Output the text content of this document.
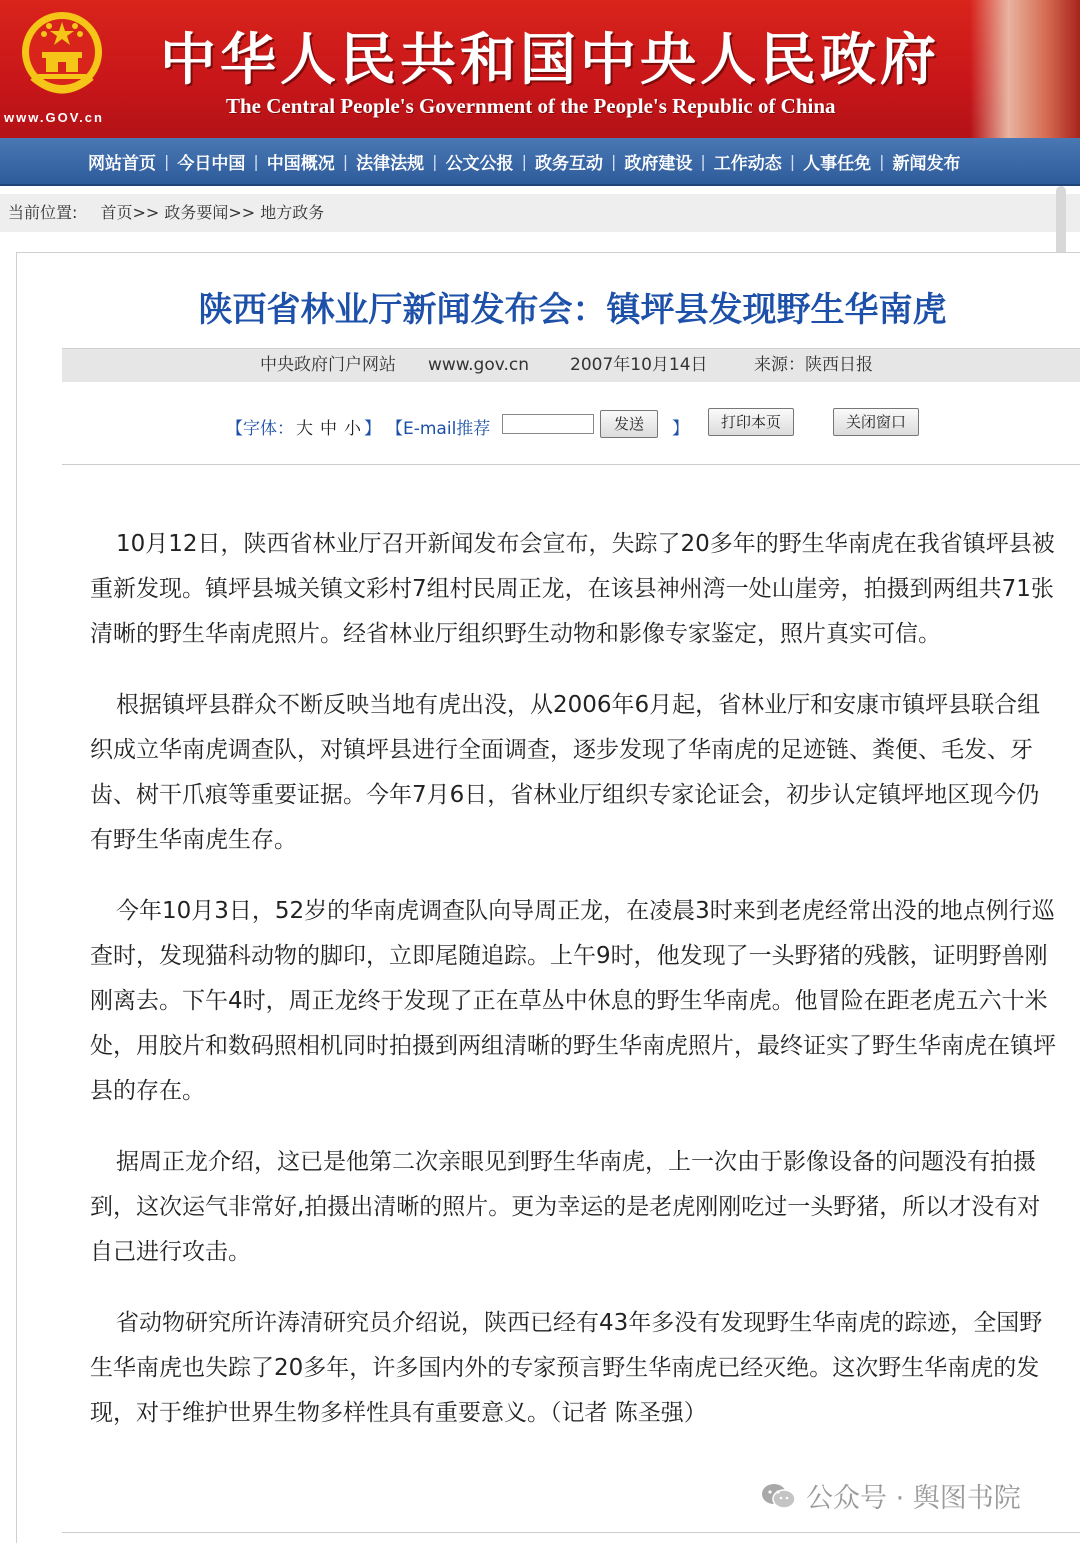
www.GOV.cn
中华人民共和国中央人民政府
The Central People's Government of the People's Republic of China
网站首页 | 今日中国 | 中国概况 | 法律法规 | 公文公报 | 政务互动 | 政府建设 | 工作动态 | 人事任免 | 新闻发布
当前位置: 首页>> 政务要闻>> 地方政务
陕西省林业厅新闻发布会：镇坪县发现野生华南虎
中央政府门户网站 www.gov.cn 2007年10月14日	来源：陕西日报
【字体： 大 中 小 】 【E-mail推荐	发送	】	打印本页	关闭窗口

10月12日，陕西省林业厅召开新闻发布会宣布，失踪了20多年的野生华南虎在我省镇坪县被重新发现。镇坪县城关镇文彩村7组村民周正龙，在该县神州湾一处山崖旁，拍摄到两组共71张清晰的野生华南虎照片。经省林业厅组织野生动物和影像专家鉴定，照片真实可信。

根据镇坪县群众不断反映当地有虎出没，从2006年6月起，省林业厅和安康市镇坪县联合组织成立华南虎调查队，对镇坪县进行全面调查，逐步发现了华南虎的足迹链、粪便、毛发、牙齿、树干爪痕等重要证据。今年7月6日，省林业厅组织专家论证会，初步认定镇坪地区现今仍有野生华南虎生存。

今年10月3日，52岁的华南虎调查队向导周正龙，在凌晨3时来到老虎经常出没的地点例行巡查时，发现猫科动物的脚印，立即尾随追踪。上午9时，他发现了一头野猪的残骸，证明野兽刚刚离去。下午4时，周正龙终于发现了正在草丛中休息的野生华南虎。他冒险在距老虎五六十米处，用胶片和数码照相机同时拍摄到两组清晰的野生华南虎照片，最终证实了野生华南虎在镇坪县的存在。

据周正龙介绍，这已是他第二次亲眼见到野生华南虎，上一次由于影像设备的问题没有拍摄到，这次运气非常好,拍摄出清晰的照片。更为幸运的是老虎刚刚吃过一头野猪，所以才没有对自己进行攻击。

省动物研究所许涛清研究员介绍说，陕西已经有43年多没有发现野生华南虎的踪迹，全国野生华南虎也失踪了20多年，许多国内外的专家预言野生华南虎已经灭绝。这次野生华南虎的发现，对于维护世界生物多样性具有重要意义。（记者 陈圣强）

公众号 · 舆图书院
